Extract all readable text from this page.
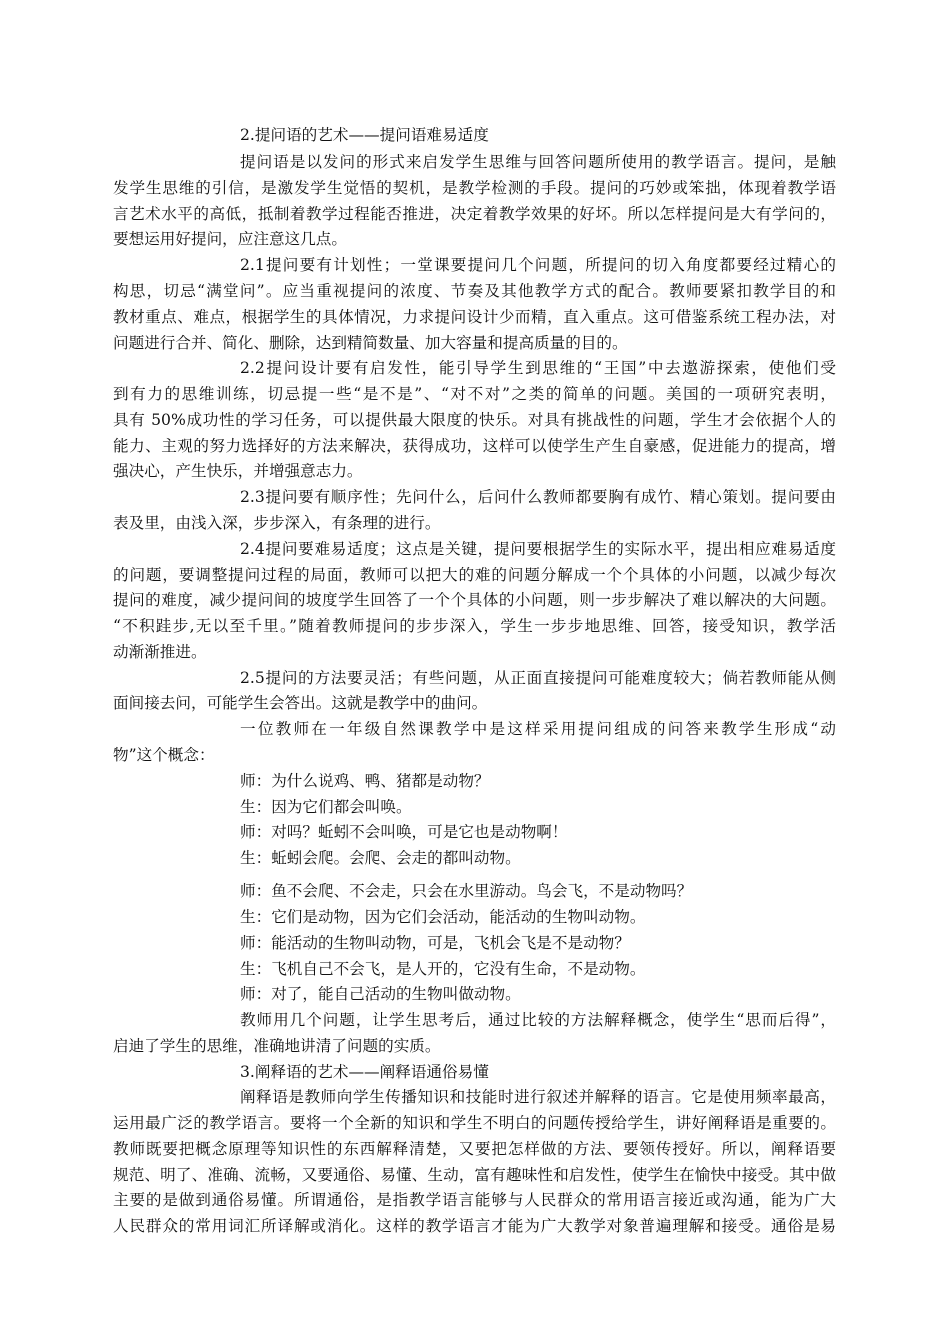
2.提问语的艺术——提问语难易适度
提问语是以发问的形式来启发学生思维与回答问题所使用的教学语言。提问，是触
发学生思维的引信，是激发学生觉悟的契机，是教学检测的手段。提问的巧妙或笨拙，体现着教学语
言艺术水平的高低，抵制着教学过程能否推进，决定着教学效果的好坏。所以怎样提问是大有学问的，
要想运用好提问，应注意这几点。
2.1提问要有计划性；一堂课要提问几个问题，所提问的切入角度都要经过精心的
构思，切忌“满堂问”。应当重视提问的浓度、节奏及其他教学方式的配合。教师要紧扣教学目的和
教材重点、难点，根据学生的具体情况，力求提问设计少而精，直入重点。这可借鉴系统工程办法，对
问题进行合并、简化、删除，达到精简数量、加大容量和提高质量的目的。
2.2提问设计要有启发性，能引导学生到思维的“王国”中去遨游探索，使他们受
到有力的思维训练，切忌提一些“是不是”、“对不对”之类的简单的问题。美国的一项研究表明，
具有 50%成功性的学习任务，可以提供最大限度的快乐。对具有挑战性的问题，学生才会依据个人的
能力、主观的努力选择好的方法来解决，获得成功，这样可以使学生产生自豪感，促进能力的提高，增
强决心，产生快乐，并增强意志力。
2.3提问要有顺序性；先问什么，后问什么教师都要胸有成竹、精心策划。提问要由
表及里，由浅入深，步步深入，有条理的进行。
2.4提问要难易适度；这点是关键，提问要根据学生的实际水平，提出相应难易适度
的问题，要调整提问过程的局面，教师可以把大的难的问题分解成一个个具体的小问题，以减少每次
提问的难度，减少提问间的坡度学生回答了一个个具体的小问题，则一步步解决了难以解决的大问题。
“不积跬步,无以至千里。”随着教师提问的步步深入，学生一步步地思维、回答，接受知识，教学活
动渐渐推进。
2.5提问的方法要灵活；有些问题，从正面直接提问可能难度较大；倘若教师能从侧
面间接去问，可能学生会答出。这就是教学中的曲问。
一位教师在一年级自然课教学中是这样采用提问组成的问答来教学生形成“动
物”这个概念：
师：为什么说鸡、鸭、猪都是动物？
生：因为它们都会叫唤。
师：对吗？蚯蚓不会叫唤，可是它也是动物啊！
生：蚯蚓会爬。会爬、会走的都叫动物。
师：鱼不会爬、不会走，只会在水里游动。鸟会飞，不是动物吗？
生：它们是动物，因为它们会活动，能活动的生物叫动物。
师：能活动的生物叫动物，可是，飞机会飞是不是动物？
生：飞机自己不会飞，是人开的，它没有生命，不是动物。
师：对了，能自己活动的生物叫做动物。
教师用几个问题，让学生思考后，通过比较的方法解释概念，使学生“思而后得”，
启迪了学生的思维，准确地讲清了问题的实质。
3.阐释语的艺术——阐释语通俗易懂
阐释语是教师向学生传播知识和技能时进行叙述并解释的语言。它是使用频率最高，
运用最广泛的教学语言。要将一个全新的知识和学生不明白的问题传授给学生，讲好阐释语是重要的。
教师既要把概念原理等知识性的东西解释清楚，又要把怎样做的方法、要领传授好。所以，阐释语要
规范、明了、准确、流畅，又要通俗、易懂、生动，富有趣味性和启发性，使学生在愉快中接受。其中做
主要的是做到通俗易懂。所谓通俗，是指教学语言能够与人民群众的常用语言接近或沟通，能为广大
人民群众的常用词汇所译解或消化。这样的教学语言才能为广大教学对象普遍理解和接受。通俗是易
